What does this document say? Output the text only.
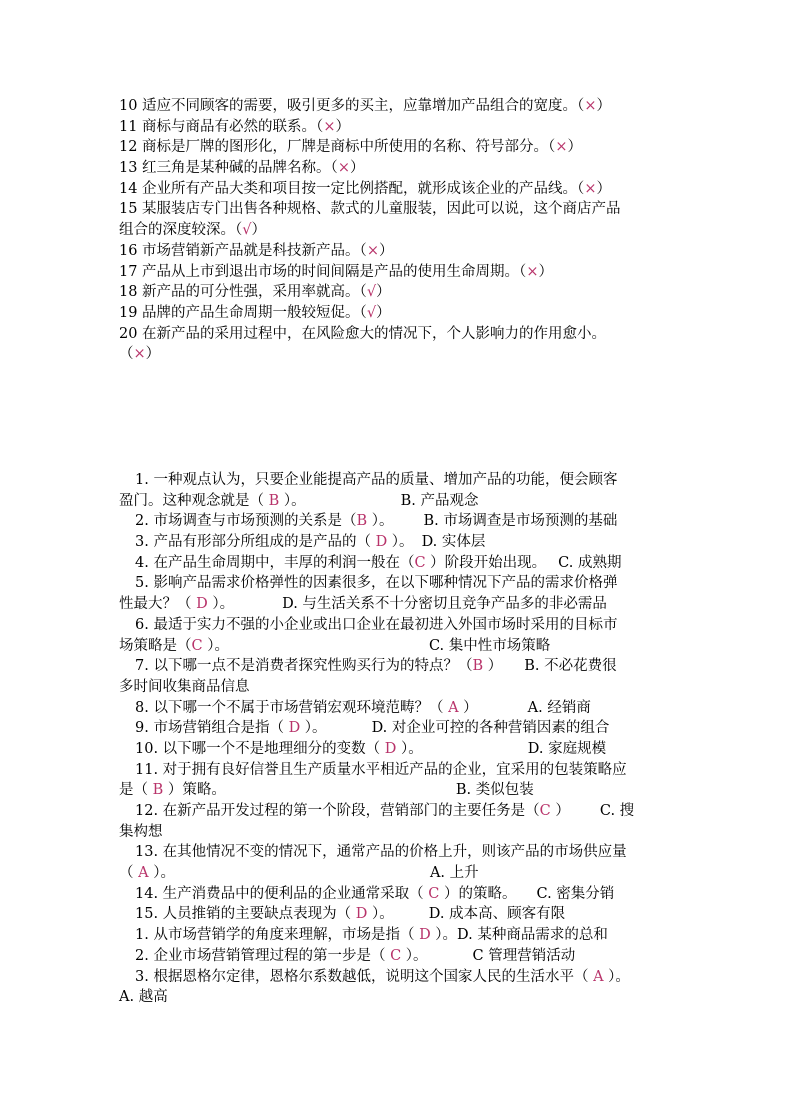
10 适应不同顾客的需要，吸引更多的买主，应靠增加产品组合的宽度。（×）
11 商标与商品有必然的联系。（×）
12 商标是厂牌的图形化，厂牌是商标中所使用的名称、符号部分。（×）
13 红三角是某种碱的品牌名称。（×）
14 企业所有产品大类和项目按一定比例搭配，就形成该企业的产品线。（×）
15 某服装店专门出售各种规格、款式的儿童服装，因此可以说，这个商店产品
组合的深度较深。（√）
16 市场营销新产品就是科技新产品。（×）
17 产品从上市到退出市场的时间间隔是产品的使用生命周期。（×）
18 新产品的可分性强，采用率就高。（√）
19 品牌的产品生命周期一般较短促。（√）
20 在新产品的采用过程中，在风险愈大的情况下，个人影响力的作用愈小。
（×）
1. 一种观点认为，只要企业能提高产品的质量、增加产品的功能，便会顾客
盈门。这种观念就是（ B ）。	B. 产品观念
2. 市场调查与市场预测的关系是（B ）。 B. 市场调查是市场预测的基础
3. 产品有形部分所组成的是产品的（ D ）。 D. 实体层
4. 在产品生命周期中，丰厚的利润一般在（C ）阶段开始出现。 C. 成熟期
5. 影响产品需求价格弹性的因素很多，在以下哪种情况下产品的需求价格弹
性最大？（ D ）。	D. 与生活关系不十分密切且竞争产品多的非必需品
6. 最适于实力不强的小企业或出口企业在最初进入外国市场时采用的目标市
场策略是（C ）。	C. 集中性市场策略
7. 以下哪一点不是消费者探究性购买行为的特点？（B ） B. 不必花费很
多时间收集商品信息
8. 以下哪一个不属于市场营销宏观环境范畴？（ A ）	A. 经销商
9. 市场营销组合是指（ D ）。	D. 对企业可控的各种营销因素的组合
10. 以下哪一个不是地理细分的变数（ D ）。	D. 家庭规模
11. 对于拥有良好信誉且生产质量水平相近产品的企业，宜采用的包装策略应
是（ B ）策略。	B. 类似包装
12. 在新产品开发过程的第一个阶段，营销部门的主要任务是（C ） C. 搜
集构想
13. 在其他情况不变的情况下，通常产品的价格上升，则该产品的市场供应量
（ A ）。	A. 上升
14. 生产消费品中的便利品的企业通常采取（ C ）的策略。 C. 密集分销
15. 人员推销的主要缺点表现为（ D ）。 D. 成本高、顾客有限
1. 从市场营销学的角度来理解，市场是指（ D ）。D. 某种商品需求的总和
2. 企业市场营销管理过程的第一步是（ C ）。	C 管理营销活动
3. 根据恩格尔定律，恩格尔系数越低，说明这个国家人民的生活水平（ A ）。
A. 越高
